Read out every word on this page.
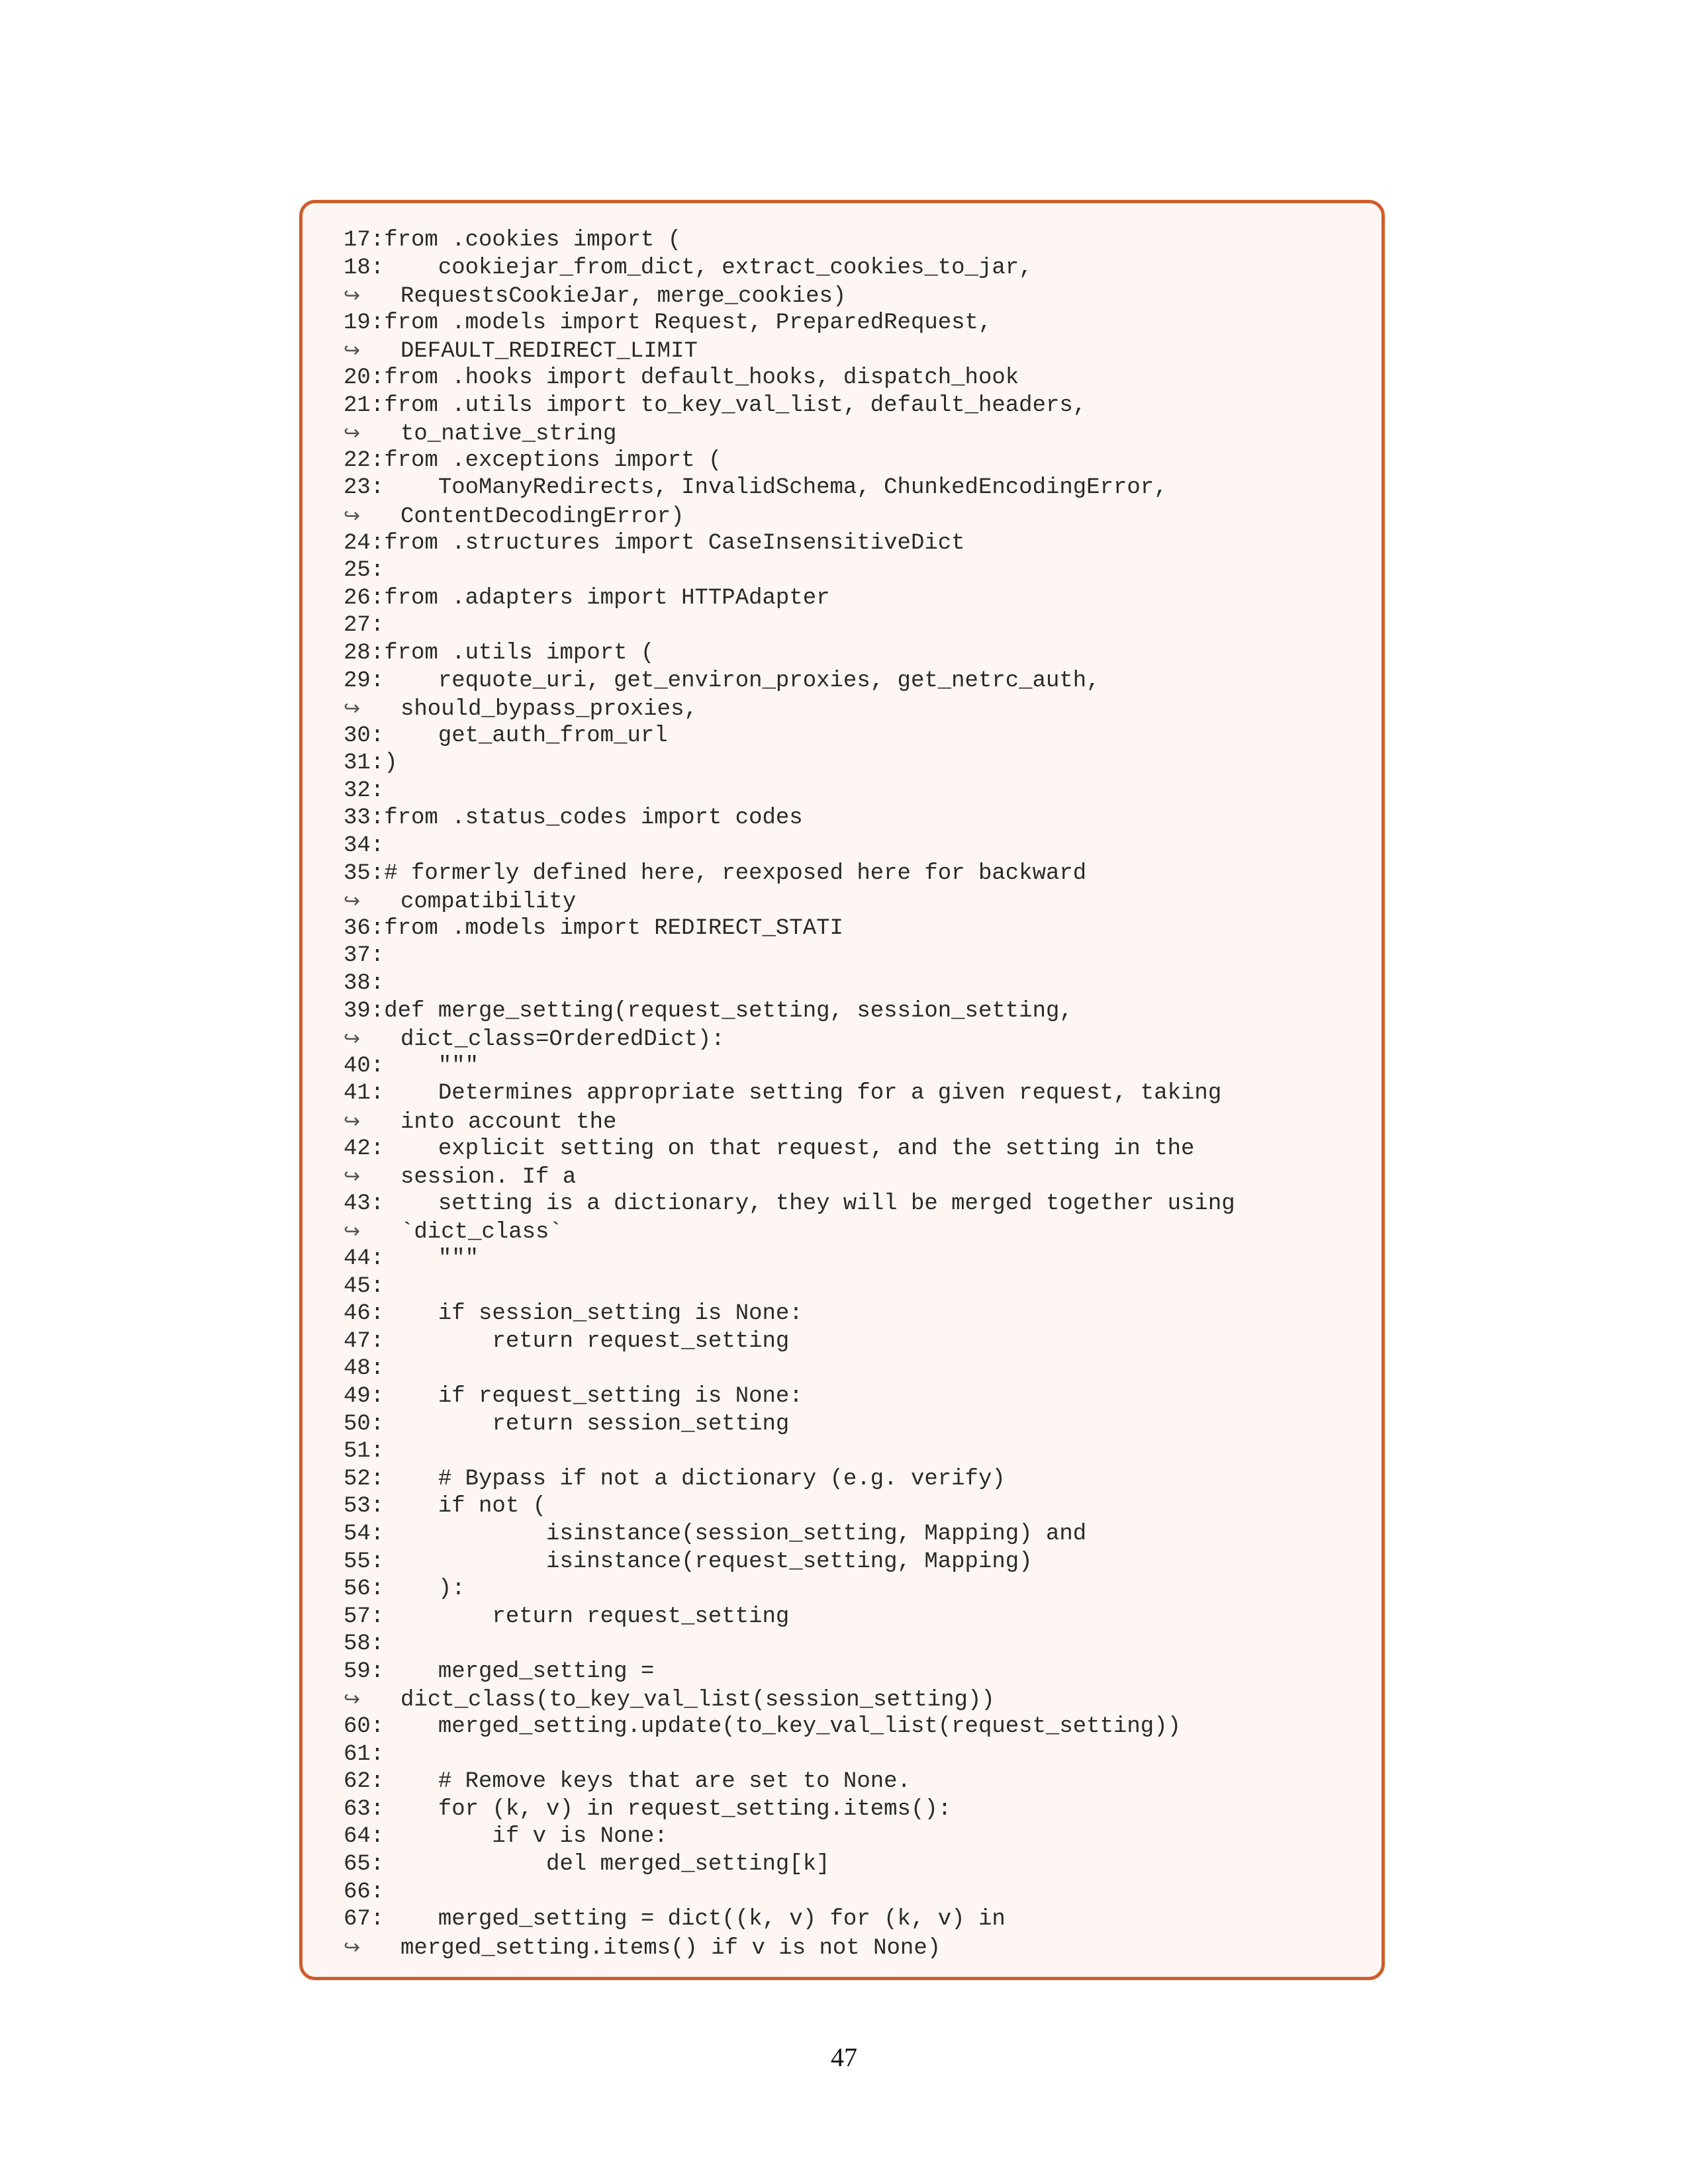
17:from .cookies import (
18:    cookiejar_from_dict, extract_cookies_to_jar,
↪ RequestsCookieJar, merge_cookies)
19:from .models import Request, PreparedRequest,
↪ DEFAULT_REDIRECT_LIMIT
20:from .hooks import default_hooks, dispatch_hook
21:from .utils import to_key_val_list, default_headers,
↪ to_native_string
22:from .exceptions import (
23:    TooManyRedirects, InvalidSchema, ChunkedEncodingError,
↪ ContentDecodingError)
24:from .structures import CaseInsensitiveDict
25:
26:from .adapters import HTTPAdapter
27:
28:from .utils import (
29:    requote_uri, get_environ_proxies, get_netrc_auth,
↪ should_bypass_proxies,
30:    get_auth_from_url
31:)
32:
33:from .status_codes import codes
34:
35:# formerly defined here, reexposed here for backward
↪ compatibility
36:from .models import REDIRECT_STATI
37:
38:
39:def merge_setting(request_setting, session_setting,
↪ dict_class=OrderedDict):
40:    """
41:    Determines appropriate setting for a given request, taking
↪ into account the
42:    explicit setting on that request, and the setting in the
↪ session. If a
43:    setting is a dictionary, they will be merged together using
↪ `dict_class`
44:    """
45:
46:    if session_setting is None:
47:        return request_setting
48:
49:    if request_setting is None:
50:        return session_setting
51:
52:    # Bypass if not a dictionary (e.g. verify)
53:    if not (
54:            isinstance(session_setting, Mapping) and
55:            isinstance(request_setting, Mapping)
56:    ):
57:        return request_setting
58:
59:    merged_setting =
↪ dict_class(to_key_val_list(session_setting))
60:    merged_setting.update(to_key_val_list(request_setting))
61:
62:    # Remove keys that are set to None.
63:    for (k, v) in request_setting.items():
64:        if v is None:
65:            del merged_setting[k]
66:
67:    merged_setting = dict((k, v) for (k, v) in
↪ merged_setting.items() if v is not None)
47
